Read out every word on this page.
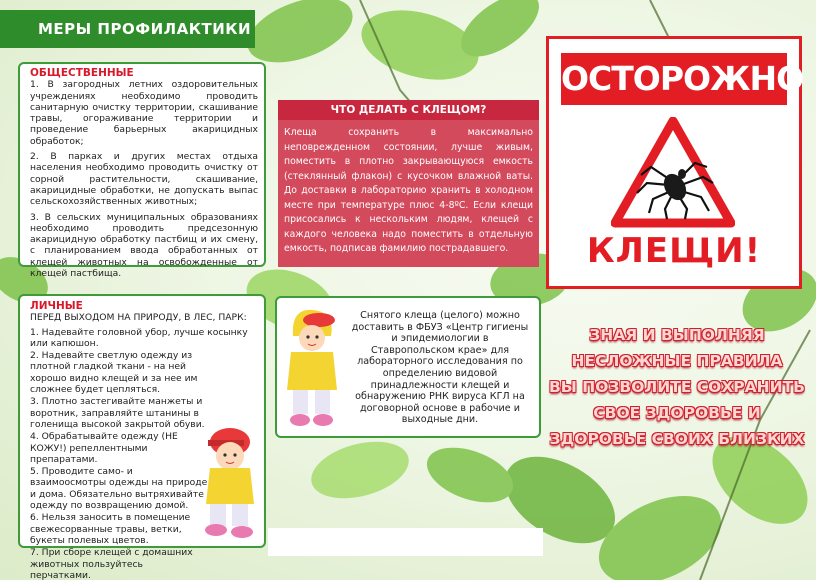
МЕРЫ ПРОФИЛАКТИКИ
ОБЩЕСТВЕННЫЕ

1. В загородных летних оздоровительных учреждениях необходимо проводить санитарную очистку территории, скашивание травы, огораживание территории и проведение барьерных акарицидных обработок;

2. В парках и других местах отдыха населения необходимо проводить очистку от сорной растительности, скашивание, акарицидные обработки, не допускать выпас сельскохозяйственных животных;

3. В сельских муниципальных образованиях необходимо проводить предсезонную акарицидную обработку пастбищ и их смену, с планированием ввода обработанных от клещей животных на освобожденные от клещей пастбища.

ЧТО ДЕЛАТЬ С КЛЕЩОМ?
Клеща сохранить в максимально неповрежденном состоянии, лучше живым, поместить в плотно закрывающуюся емкость (стеклянный флакон) с кусочком влажной ваты. До доставки в лабораторию хранить в холодном месте при температуре плюс 4-8ºС. Если клещи присосались к нескольким людям, клещей с каждого человека надо поместить в отдельную емкость, подписав фамилию пострадавшего.
ОСТОРОЖНО
КЛЕЩИ!
ЛИЧНЫЕ

ПЕРЕД ВЫХОДОМ НА ПРИРОДУ, В ЛЕС, ПАРК:

1. Надевайте головной убор, лучше косынку или капюшон.

2. Надевайте светлую одежду из плотной гладкой ткани - на ней хорошо видно клещей и за нее им сложнее будет цепляться.

3. Плотно застегивайте манжеты и воротник, заправляйте штанины в голенища высокой закрытой обуви.

4. Обрабатывайте одежду (НЕ КОЖУ!) репеллентными препаратами.

5. Проводите само- и взаимоосмотры одежды на природе и дома. Обязательно вытряхивайте одежду по возвращению домой.

6. Нельзя заносить в помещение свежесорванные травы, ветки, букеты полевых цветов.

7. При сборе клещей с домашних животных пользуйтесь перчатками.

Снятого клеща (целого) можно доставить в ФБУЗ «Центр гигиены и эпидемиологии в Ставропольском крае» для лабораторного исследования по определению видовой принадлежности клещей и обнаружению РНК вируса КГЛ на договорной основе в рабочие и выходные дни.
ЗНАЯ И ВЫПОЛНЯЯ
НЕСЛОЖНЫЕ ПРАВИЛА
ВЫ ПОЗВОЛИТЕ СОХРАНИТЬ
СВОЕ ЗДОРОВЬЕ И
ЗДОРОВЬЕ СВОИХ БЛИЗКИХ
